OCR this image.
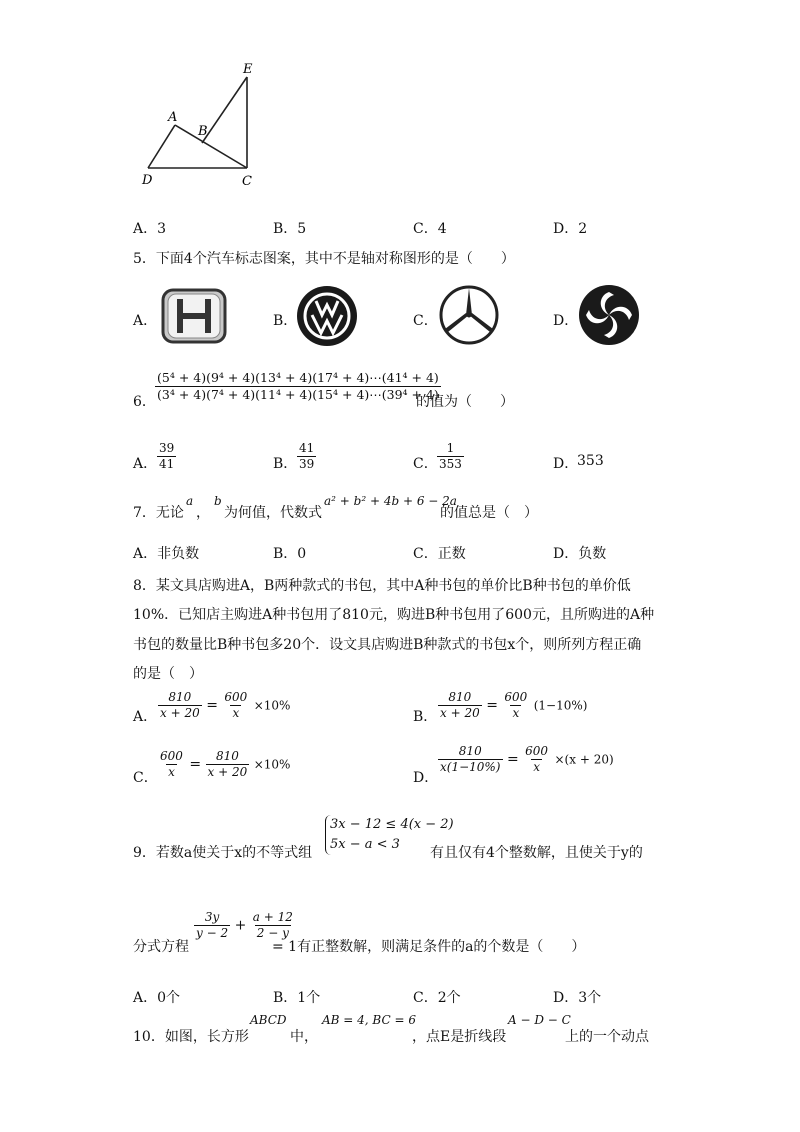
E
A
B
D	C
A．3	B．5	C．4	D．2
5．下面4个汽车标志图案，其中不是轴对称图形的是（　　）
A．	B．	C．	D．
6． $\frac{\text{(5⁴ + 4)(9⁴ + 4)(13⁴ + 4)(17⁴ + 4)⋯(41⁴ + 4)}}{\text{(3⁴ + 4)(7⁴ + 4)(11⁴ + 4)(15⁴ + 4)⋯(39⁴ + 4)}}$
的值为（　　）
A． $\frac{39}{41}$	B． $\frac{41}{39}$	C． $\frac{1}{353}$	D．
353
7．无论
a
，
b
为何值，代数式
a² + b² + 4b + 6 − 2a
的值总是（　）
A．非负数	B．0	C．正数	D．负数
8．某文具店购进A，B两种款式的书包，其中A种书包的单价比B种书包的单价低
10%．已知店主购进A种书包用了810元，购进B种书包用了600元，且所购进的A种
书包的数量比B种书包多20个．设文具店购进B种款式的书包x个，则所列方程正确
的是（　）
A． $\frac{810}{x + 20} = \frac{600}{x} \times 10\%$
B． $\frac{810}{x + 20} = \frac{600}{x} (1-10\%)$
C． $\frac{600}{x} = \frac{810}{x + 20} \times 10\%$
D．
$\frac{810}{x(1-10\%)} = \frac{600}{x} \times(x + 20)$
9．若数a使关于x的不等式组
3x − 12 ≤ 4(x − 2)
5x − a < 3
有且仅有4个整数解，且使关于y的
分式方程
$\frac{3y}{y - 2} + \frac{a + 12}{2 - y}$
= 1有正整数解，则满足条件的a的个数是（　　）
A．0个	B．1个	C．2个	D．3个
10．如图，长方形
ABCD
中，
AB = 4, BC = 6
，点E是折线段
A − D − C
上的一个动点
